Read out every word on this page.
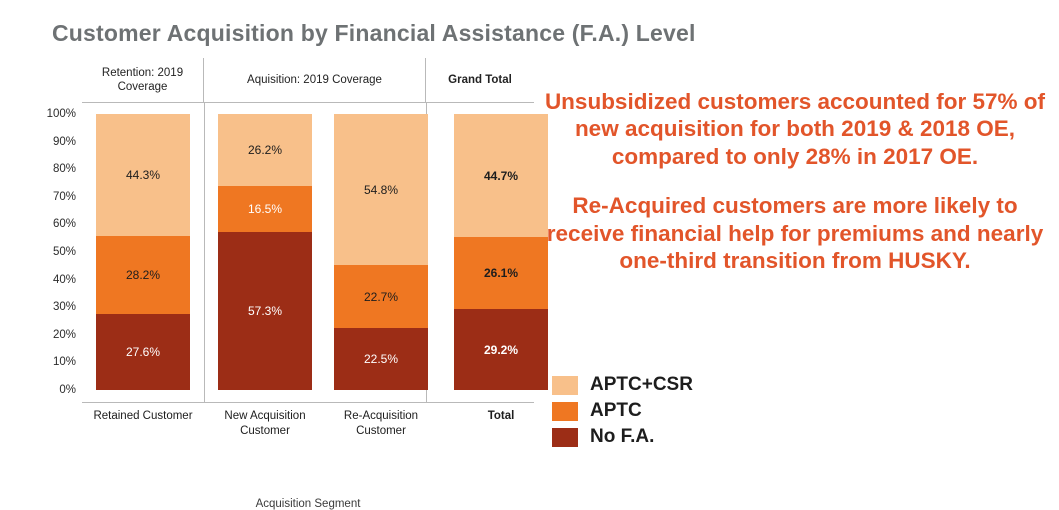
Customer Acquisition by Financial Assistance (F.A.) Level
Retention: 2019 Coverage
Aquisition: 2019 Coverage	Grand Total
100%
90%
80%
70%
60%
50%
40%
30%
20%
10%
0%
44.3%
28.2%
27.6%
26.2%
16.5%
57.3%
54.8%
22.7%
22.5%
44.7%
26.1%
29.2%
Retained Customer	New Acquisition Customer
Re-Acquisition Customer
Total
Acquisition Segment
Unsubsidized customers accounted for 57% of new acquisition for both 2019 & 2018 OE, compared to only 28% in 2017 OE.
Re-Acquired customers are more likely to receive financial help for premiums and nearly one-third transition from HUSKY.
APTC+CSR
APTC
No F.A.
